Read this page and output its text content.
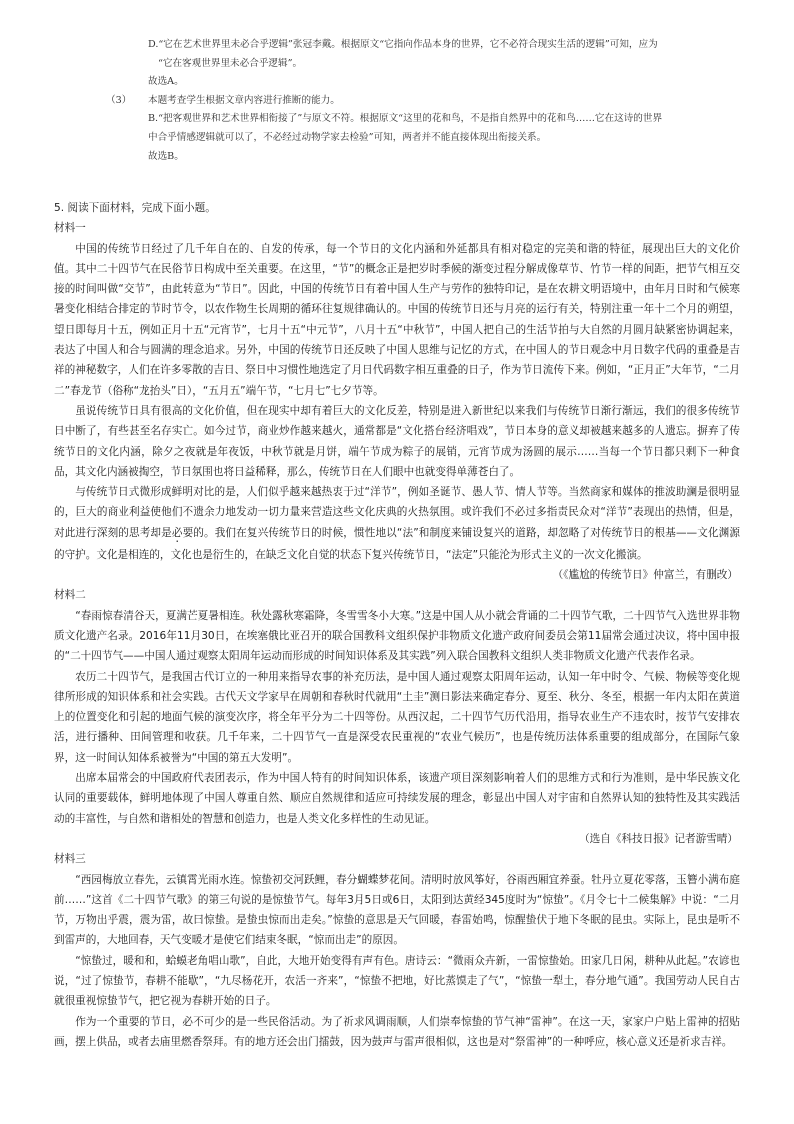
D.“它在艺术世界里未必合乎逻辑”张冠李戴。根据原文“它指向作品本身的世界，它不必符合现实生活的逻辑”可知，应为

“它在客观世界里未必合乎逻辑”。

故选A。

（3） 本题考查学生根据文章内容进行推断的能力。

B.“把客观世界和艺术世界相衔接了”与原文不符。根据原文“这里的花和鸟，不是指自然界中的花和鸟……它在这诗的世界

中合乎情感逻辑就可以了，不必经过动物学家去检验”可知，两者并不能直接体现出衔接关系。

故选B。

5. 阅读下面材料，完成下面小题。

材料一

中国的传统节日经过了几千年自在的、自发的传承，每一个节日的文化内涵和外延都具有相对稳定的完美和谐的特征，展现出巨大的文化价值。其中二十四节气在民俗节日构成中至关重要。在这里，“节”的概念正是把岁时季候的渐变过程分解成像草节、竹节一样的间距，把节气相互交接的时间叫做“交节”，由此转意为“节日”。因此，中国的传统节日有着中国人生产与劳作的独特印记，是在农耕文明语境中，由年月日时和气候寒暑变化相结合排定的节时节令，以农作物生长周期的循环往复规律确认的。中国的传统节日还与月亮的运行有关，特别注重一年十二个月的朔望，望日即每月十五，例如正月十五“元宵节”，七月十五“中元节”，八月十五“中秋节”，中国人把自己的生活节拍与大自然的月圆月缺紧密协调起来，表达了中国人和合与圆满的理念追求。另外，中国的传统节日还反映了中国人思维与记忆的方式，在中国人的节日观念中月日数字代码的重叠是吉祥的神秘数字，人们在许多零散的吉日、祭日中习惯性地选定了月日代码数字相互重叠的日子，作为节日流传下来。例如，“正月正”大年节，“二月二”春龙节（俗称“龙抬头”日），“五月五”端午节，“七月七”七夕节等。

虽说传统节日具有很高的文化价值，但在现实中却有着巨大的文化反差，特别是进入新世纪以来我们与传统节日渐行渐远，我们的很多传统节日中断了，有些甚至名存实亡。如今过节，商业炒作越来越火，通常都是“文化搭台经济唱戏”，节日本身的意义却被越来越多的人遗忘。摒弃了传统节日的文化内涵，除夕之夜就是年夜饭，中秋节就是月饼，端午节成为粽子的展销，元宵节成为汤圆的展示……当每一个节日都只剩下一种食品，其文化内涵被掏空，节日氛围也将日益稀释，那么，传统节日在人们眼中也就变得单薄苍白了。

与传统节日式微形成鲜明对比的是，人们似乎越来越热衷于过“洋节”，例如圣诞节、愚人节、情人节等。当然商家和媒体的推波助澜是很明显的，巨大的商业利益使他们不遗余力地发动一切力量来营造这些文化庆典的火热氛围。或许我们不必过多指责民众对“洋节”表现出的热情，但是，对此进行深刻的思考却是必要的。我们在复兴传统节日的时候，惯性地以“法”和制度来铺设复兴的道路，却忽略了对传统节日的根基——文化渊源的守护。文化是相连的，文化也是衍生的，在缺乏文化自觉的状态下复兴传统节日，“法定”只能沦为形式主义的一次文化搬演。

（《尴尬的传统节日》仲富兰，有删改）

材料二

“春雨惊春清谷天，夏满芒夏暑相连。秋处露秋寒霜降，冬雪雪冬小大寒。”这是中国人从小就会背诵的二十四节气歌，二十四节气入选世界非物质文化遗产名录。2016年11月30日，在埃塞俄比亚召开的联合国教科文组织保护非物质文化遗产政府间委员会第11届常会通过决议，将中国申报的“二十四节气——中国人通过观察太阳周年运动而形成的时间知识体系及其实践”列入联合国教科文组织人类非物质文化遗产代表作名录。

农历二十四节气，是我国古代订立的一种用来指导农事的补充历法，是中国人通过观察太阳周年运动，认知一年中时令、气候、物候等变化规律所形成的知识体系和社会实践。古代天文学家早在周朝和春秋时代就用“土圭”测日影法来确定春分、夏至、秋分、冬至，根据一年内太阳在黄道上的位置变化和引起的地面气候的演变次序，将全年平分为二十四等份。从西汉起，二十四节气历代沿用，指导农业生产不违农时，按节气安排农活，进行播种、田间管理和收获。几千年来，二十四节气一直是深受农民重视的“农业气候历”，也是传统历法体系重要的组成部分，在国际气象界，这一时间认知体系被誉为“中国的第五大发明”。

出席本届常会的中国政府代表团表示，作为中国人特有的时间知识体系，该遗产项目深刻影响着人们的思维方式和行为准则，是中华民族文化认同的重要载体，鲜明地体现了中国人尊重自然、顺应自然规律和适应可持续发展的理念，彰显出中国人对宇宙和自然界认知的独特性及其实践活动的丰富性，与自然和谐相处的智慧和创造力，也是人类文化多样性的生动见证。

（选自《科技日报》记者游雪晴）

材料三

“西园梅放立春先，云镇霄光雨水连。惊蛰初交河跃鲤，春分蝴蝶梦花间。清明时放风筝好，谷雨西厢宜养蚕。牡丹立夏花零落，玉簪小满布庭前……”这首《二十四节气歌》的第三句说的是惊蛰节气。每年3月5日或6日，太阳到达黄经345度时为“惊蛰”。《月令七十二候集解》中说：“二月节，万物出乎震，震为雷，故曰惊蛰。是蛰虫惊而出走矣。”惊蛰的意思是天气回暖，春雷始鸣，惊醒蛰伏于地下冬眠的昆虫。实际上，昆虫是听不到雷声的，大地回春，天气变暖才是使它们结束冬眠，“惊而出走”的原因。

“惊蛰过，暖和和，蛤蟆老角唱山歌”，自此，大地开始变得有声有色。唐诗云：“微雨众卉新，一雷惊蛰始。田家几日闲，耕种从此起。”农谚也说，“过了惊蛰节，春耕不能歇”，“九尽杨花开，农活一齐来”，“惊蛰不把地，好比蒸馍走了气”，“惊蛰一犁土，春分地气通”。我国劳动人民自古就很重视惊蛰节气，把它视为春耕开始的日子。

作为一个重要的节日，必不可少的是一些民俗活动。为了祈求风调雨顺，人们崇奉惊蛰的节气神“雷神”。在这一天，家家户户贴上雷神的招贴画，摆上供品，或者去庙里燃香祭拜。有的地方还会出门擂鼓，因为鼓声与雷声很相似，这也是对“祭雷神”的一种呼应，核心意义还是祈求吉祥。
